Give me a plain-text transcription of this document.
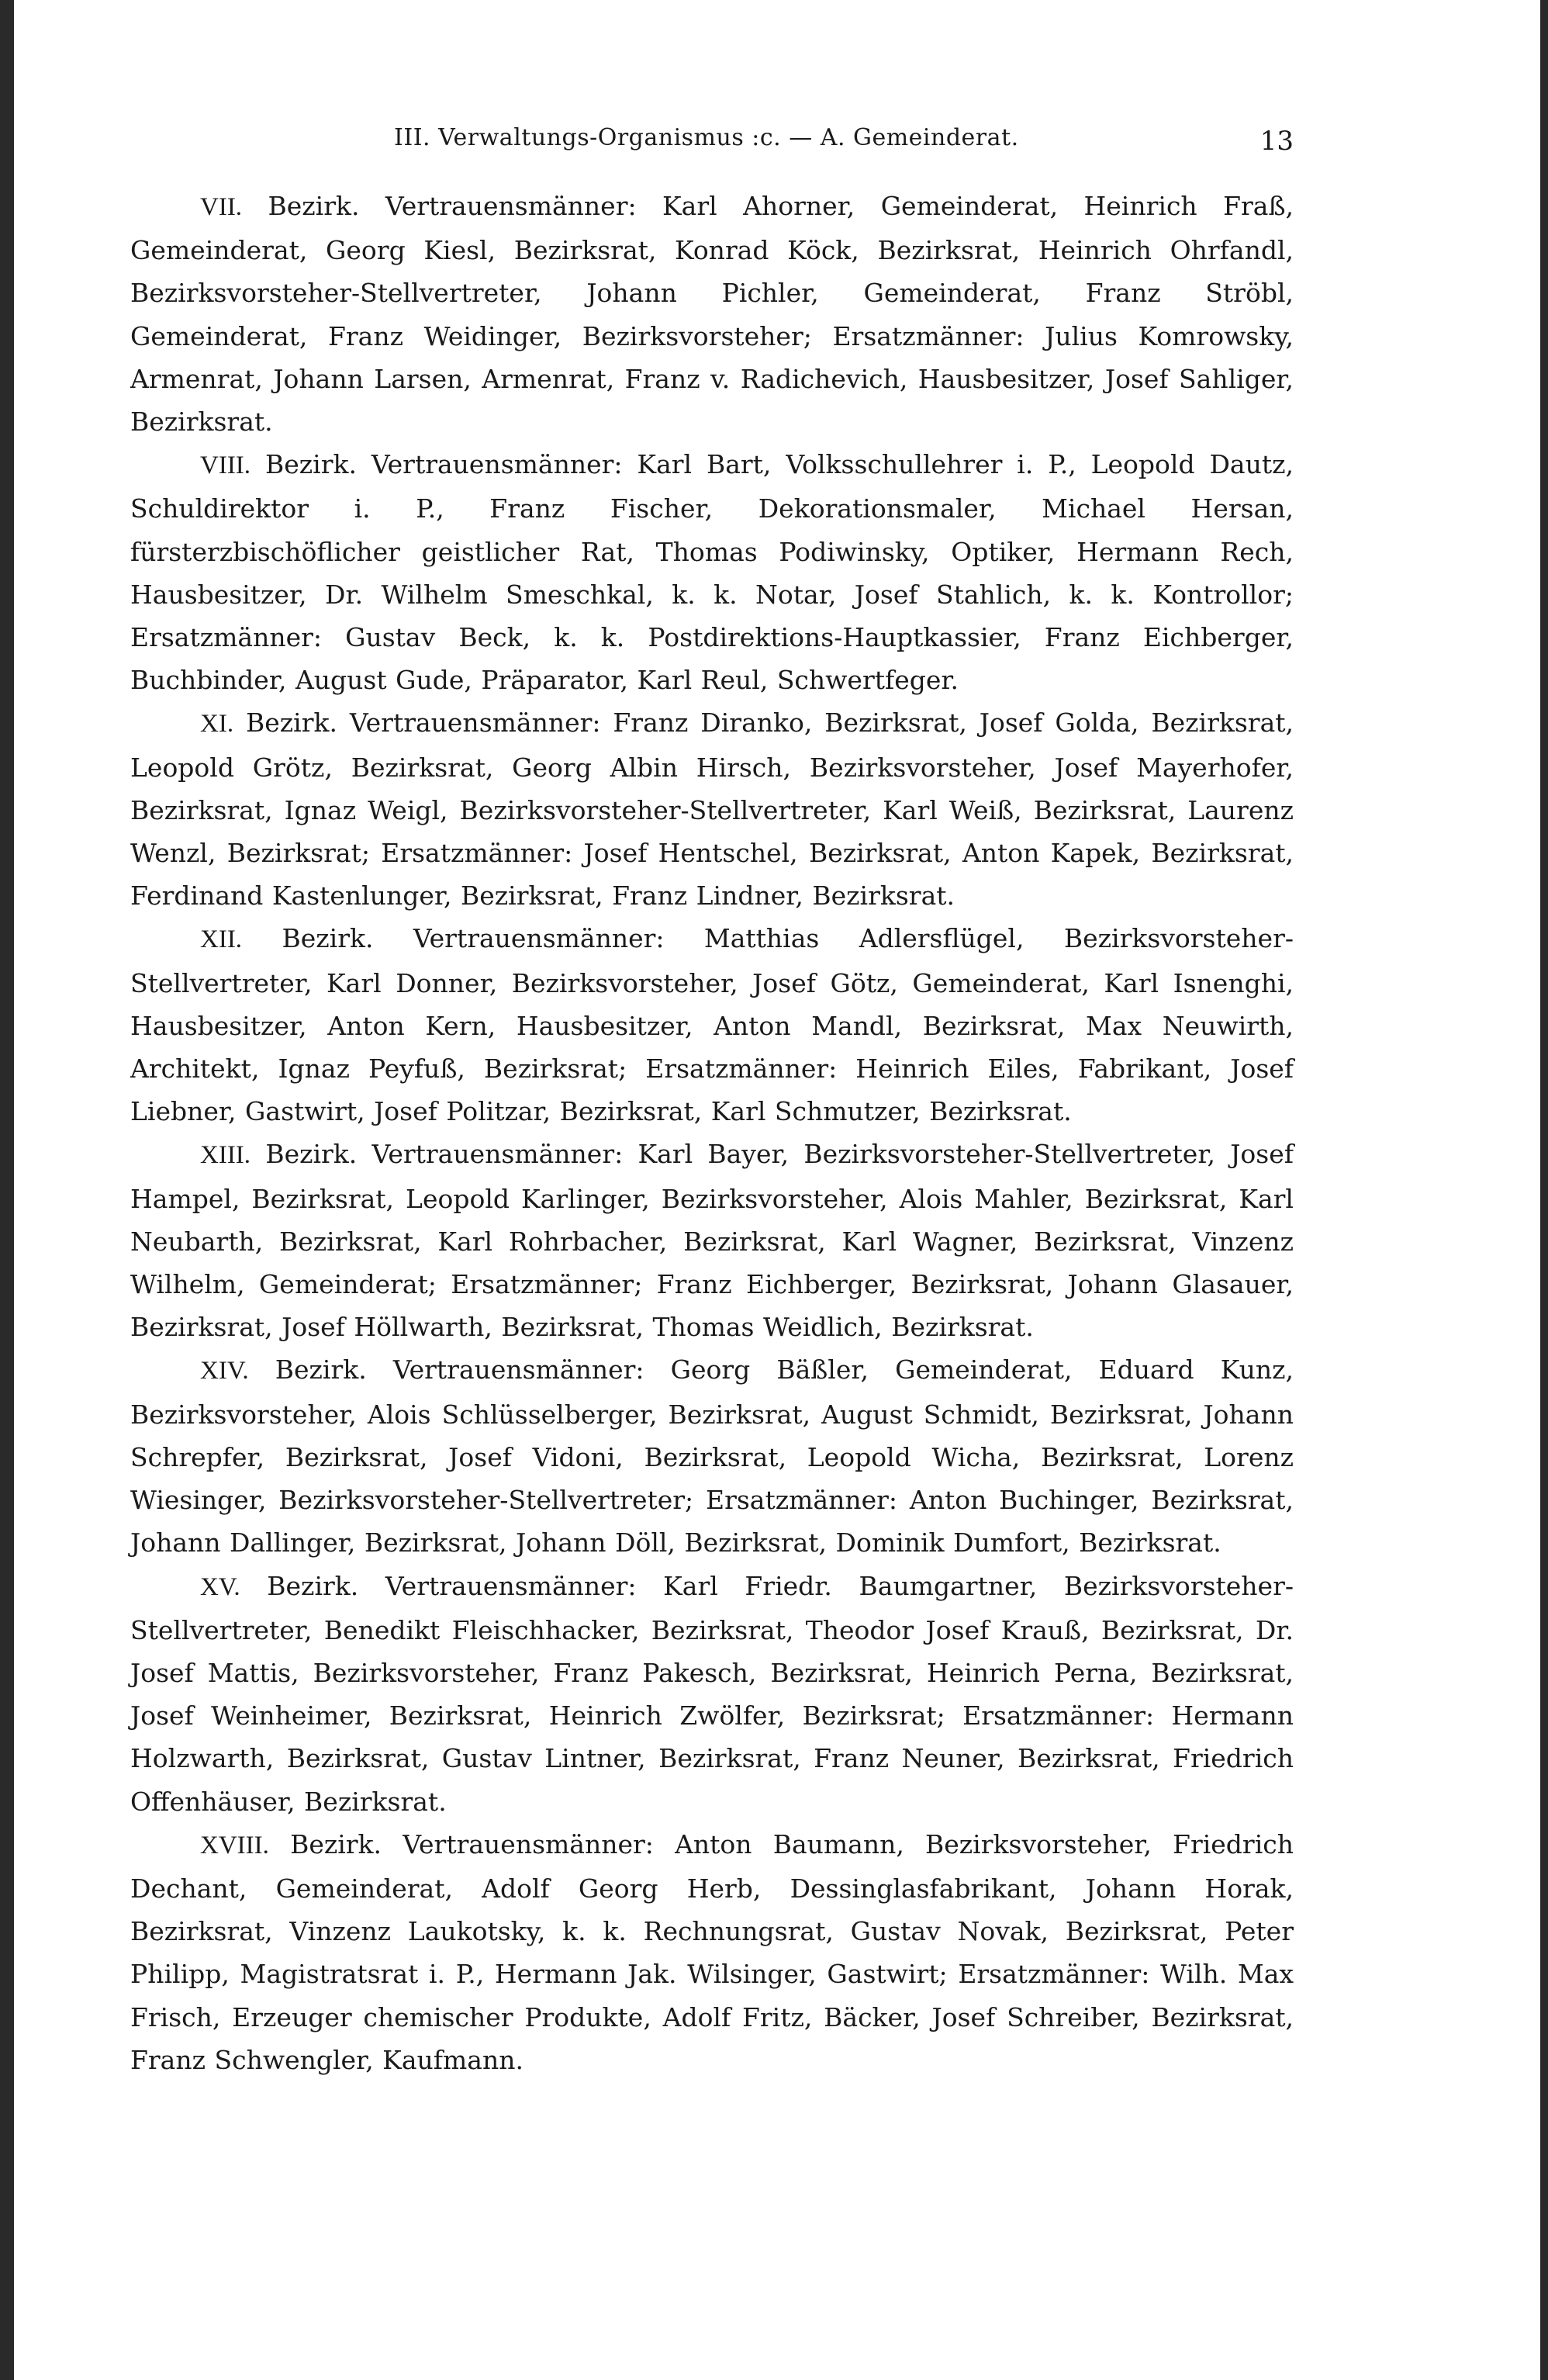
III. Verwaltungs-Organismus :c. — A. Gemeinderat.	13

VII. Bezirk. Vertrauensmänner: Karl Ahorner, Gemeinderat, Heinrich Fraß, Gemeinderat, Georg Kiesl, Bezirksrat, Konrad Köck, Bezirksrat, Heinrich Ohrfandl, Bezirksvorsteher-Stellvertreter, Johann Pichler, Gemeinderat, Franz Ströbl, Gemeinderat, Franz Weidinger, Bezirksvorsteher; Ersatzmänner: Julius Komrowsky, Armenrat, Johann Larsen, Armenrat, Franz v. Radichevich, Hausbesitzer, Josef Sahliger, Bezirksrat.

VIII. Bezirk. Vertrauensmänner: Karl Bart, Volksschullehrer i. P., Leopold Dautz, Schuldirektor i. P., Franz Fischer, Dekorationsmaler, Michael Hersan, fürsterzbischöflicher geistlicher Rat, Thomas Podiwinsky, Optiker, Hermann Rech, Hausbesitzer, Dr. Wilhelm Smeschkal, k. k. Notar, Josef Stahlich, k. k. Kontrollor; Ersatzmänner: Gustav Beck, k. k. Postdirektions-Hauptkassier, Franz Eichberger, Buchbinder, August Gude, Präparator, Karl Reul, Schwertfeger.

XI. Bezirk. Vertrauensmänner: Franz Diranko, Bezirksrat, Josef Golda, Bezirksrat, Leopold Grötz, Bezirksrat, Georg Albin Hirsch, Bezirksvorsteher, Josef Mayerhofer, Bezirksrat, Ignaz Weigl, Bezirksvorsteher-Stellvertreter, Karl Weiß, Bezirksrat, Laurenz Wenzl, Bezirksrat; Ersatzmänner: Josef Hentschel, Bezirksrat, Anton Kapek, Bezirksrat, Ferdinand Kastenlunger, Bezirksrat, Franz Lindner, Bezirksrat.

XII. Bezirk. Vertrauensmänner: Matthias Adlersflügel, Bezirksvorsteher-Stellvertreter, Karl Donner, Bezirksvorsteher, Josef Götz, Gemeinderat, Karl Isnenghi, Hausbesitzer, Anton Kern, Hausbesitzer, Anton Mandl, Bezirksrat, Max Neuwirth, Architekt, Ignaz Peyfuß, Bezirksrat; Ersatzmänner: Heinrich Eiles, Fabrikant, Josef Liebner, Gastwirt, Josef Politzar, Bezirksrat, Karl Schmutzer, Bezirksrat.

XIII. Bezirk. Vertrauensmänner: Karl Bayer, Bezirksvorsteher-Stellvertreter, Josef Hampel, Bezirksrat, Leopold Karlinger, Bezirksvorsteher, Alois Mahler, Bezirksrat, Karl Neubarth, Bezirksrat, Karl Rohrbacher, Bezirksrat, Karl Wagner, Bezirksrat, Vinzenz Wilhelm, Gemeinderat; Ersatzmänner; Franz Eichberger, Bezirksrat, Johann Glasauer, Bezirksrat, Josef Höllwarth, Bezirksrat, Thomas Weidlich, Bezirksrat.

XIV. Bezirk. Vertrauensmänner: Georg Bäßler, Gemeinderat, Eduard Kunz, Bezirksvorsteher, Alois Schlüsselberger, Bezirksrat, August Schmidt, Bezirksrat, Johann Schrepfer, Bezirksrat, Josef Vidoni, Bezirksrat, Leopold Wicha, Bezirksrat, Lorenz Wiesinger, Bezirksvorsteher-Stellvertreter; Ersatzmänner: Anton Buchinger, Bezirksrat, Johann Dallinger, Bezirksrat, Johann Döll, Bezirksrat, Dominik Dumfort, Bezirksrat.

XV. Bezirk. Vertrauensmänner: Karl Friedr. Baumgartner, Bezirksvorsteher-Stellvertreter, Benedikt Fleischhacker, Bezirksrat, Theodor Josef Krauß, Bezirksrat, Dr. Josef Mattis, Bezirksvorsteher, Franz Pakesch, Bezirksrat, Heinrich Perna, Bezirksrat, Josef Weinheimer, Bezirksrat, Heinrich Zwölfer, Bezirksrat; Ersatzmänner: Hermann Holzwarth, Bezirksrat, Gustav Lintner, Bezirksrat, Franz Neuner, Bezirksrat, Friedrich Offenhäuser, Bezirksrat.

XVIII. Bezirk. Vertrauensmänner: Anton Baumann, Bezirksvorsteher, Friedrich Dechant, Gemeinderat, Adolf Georg Herb, Dessinglasfabrikant, Johann Horak, Bezirksrat, Vinzenz Laukotsky, k. k. Rechnungsrat, Gustav Novak, Bezirksrat, Peter Philipp, Magistratsrat i. P., Hermann Jak. Wilsinger, Gastwirt; Ersatzmänner: Wilh. Max Frisch, Erzeuger chemischer Produkte, Adolf Fritz, Bäcker, Josef Schreiber, Bezirksrat, Franz Schwengler, Kaufmann.
